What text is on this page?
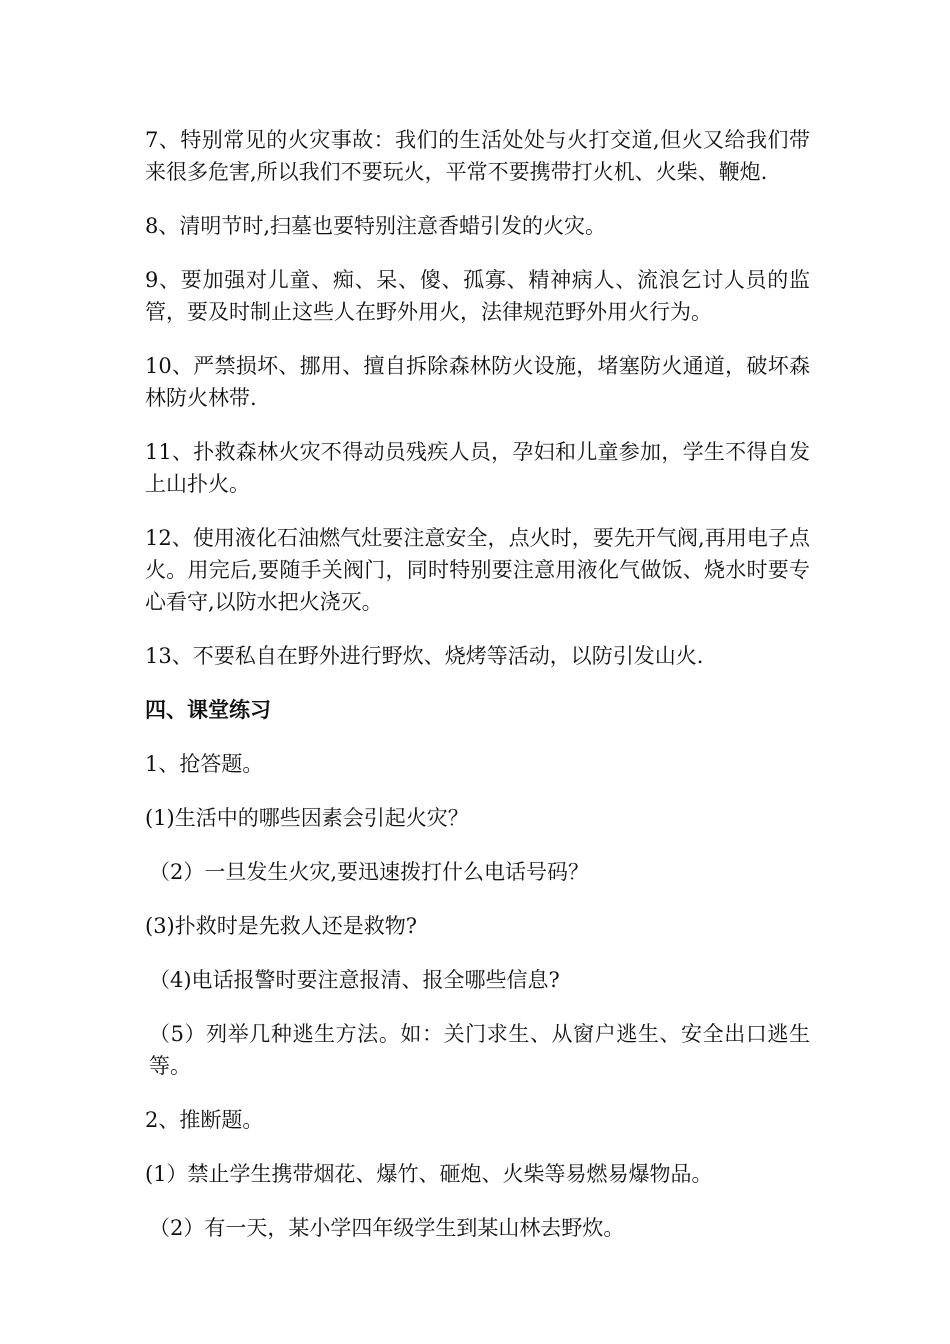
7、特别常见的火灾事故：我们的生活处处与火打交道,但火又给我们带来很多危害,所以我们不要玩火，平常不要携带打火机、火柴、鞭炮.

8、清明节时,扫墓也要特别注意香蜡引发的火灾。

9、要加强对儿童、痴、呆、傻、孤寡、精神病人、流浪乞讨人员的监管，要及时制止这些人在野外用火，法律规范野外用火行为。

10、严禁损坏、挪用、擅自拆除森林防火设施，堵塞防火通道，破坏森林防火林带.

11、扑救森林火灾不得动员残疾人员，孕妇和儿童参加，学生不得自发上山扑火。

12、使用液化石油燃气灶要注意安全，点火时，要先开气阀,再用电子点火。用完后,要随手关阀门，同时特别要注意用液化气做饭、烧水时要专心看守,以防水把火浇灭。

13、不要私自在野外进行野炊、烧烤等活动，以防引发山火.

四、课堂练习

1、抢答题。

(1)生活中的哪些因素会引起火灾？

（2）一旦发生火灾,要迅速拨打什么电话号码？

(3)扑救时是先救人还是救物?

（4)电话报警时要注意报清、报全哪些信息?

（5）列举几种逃生方法。如：关门求生、从窗户逃生、安全出口逃生等。

2、推断题。

(1）禁止学生携带烟花、爆竹、砸炮、火柴等易燃易爆物品。

（2）有一天，某小学四年级学生到某山林去野炊。
